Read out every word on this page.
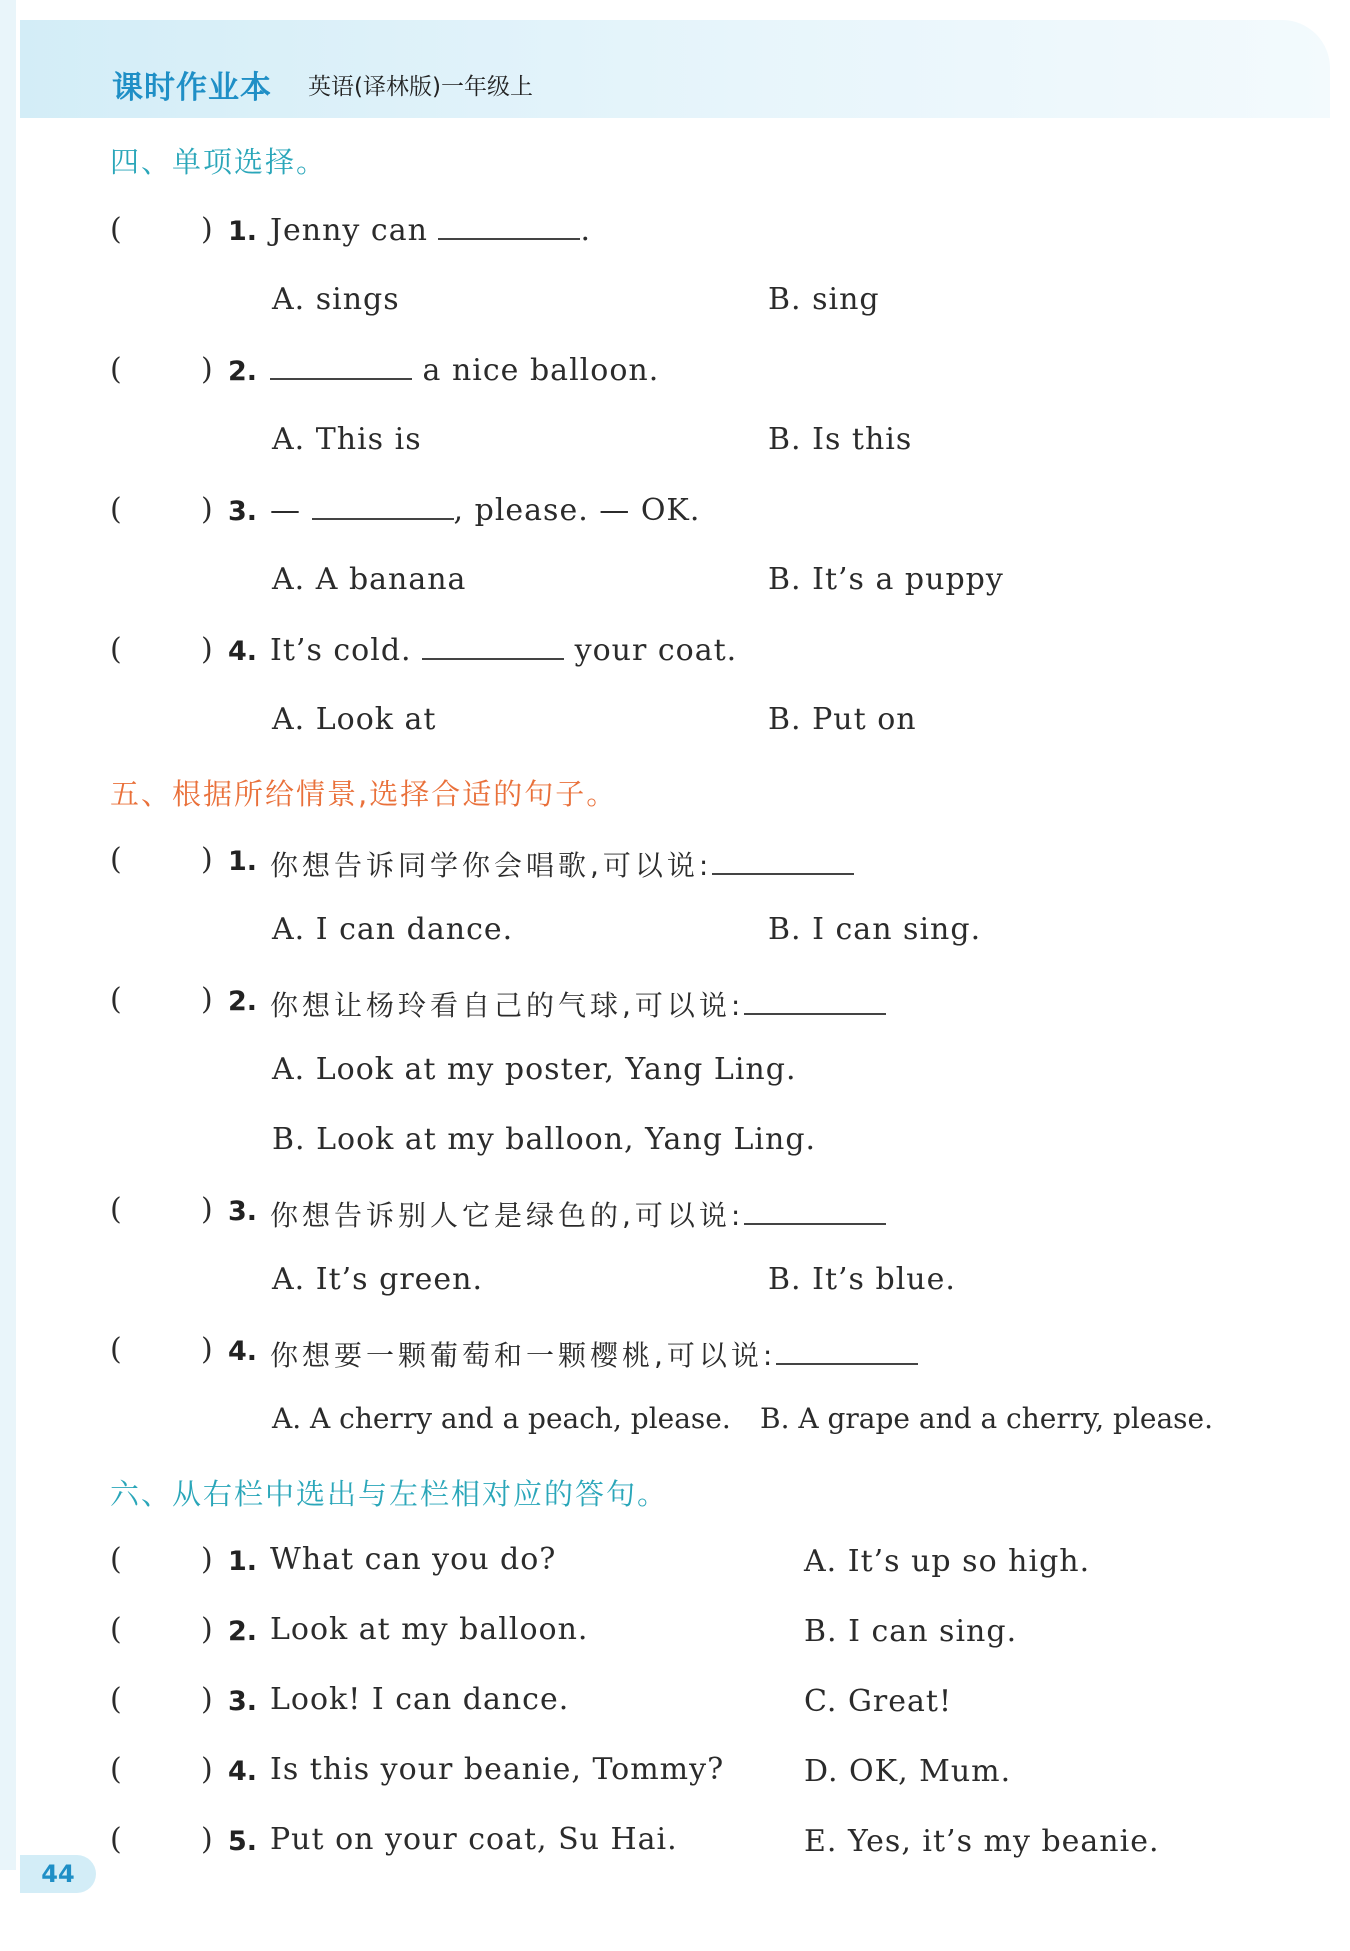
课时作业本 英语(译林版)一年级上
四、单项选择。
(	) 1. Jenny can	.
A. sings	B. sing
(	) 2.	a nice balloon.
A. This is	B. Is this
(	) 3. —	, please. — OK.
A. A banana	B. It’s a puppy
(	) 4. It’s cold.	your coat.
A. Look at	B. Put on
五、根据所给情景,选择合适的句子。
(	) 1. 你想告诉同学你会唱歌,可以说:
A. I can dance.	B. I can sing.
(	) 2. 你想让杨玲看自己的气球,可以说:
A. Look at my poster, Yang Ling.
B. Look at my balloon, Yang Ling.
(	) 3. 你想告诉别人它是绿色的,可以说:
A. It’s green.	B. It’s blue.
(	) 4. 你想要一颗葡萄和一颗樱桃,可以说:
A. A cherry and a peach, please. B. A grape and a cherry, please.
六、从右栏中选出与左栏相对应的答句。
(	) 1. What can you do?	A. It’s up so high.
(	) 2. Look at my balloon.	B. I can sing.
(	) 3. Look! I can dance.	C. Great!
(	) 4. Is this your beanie, Tommy?	D. OK, Mum.
(	) 5. Put on your coat, Su Hai.	E. Yes, it’s my beanie.
44
